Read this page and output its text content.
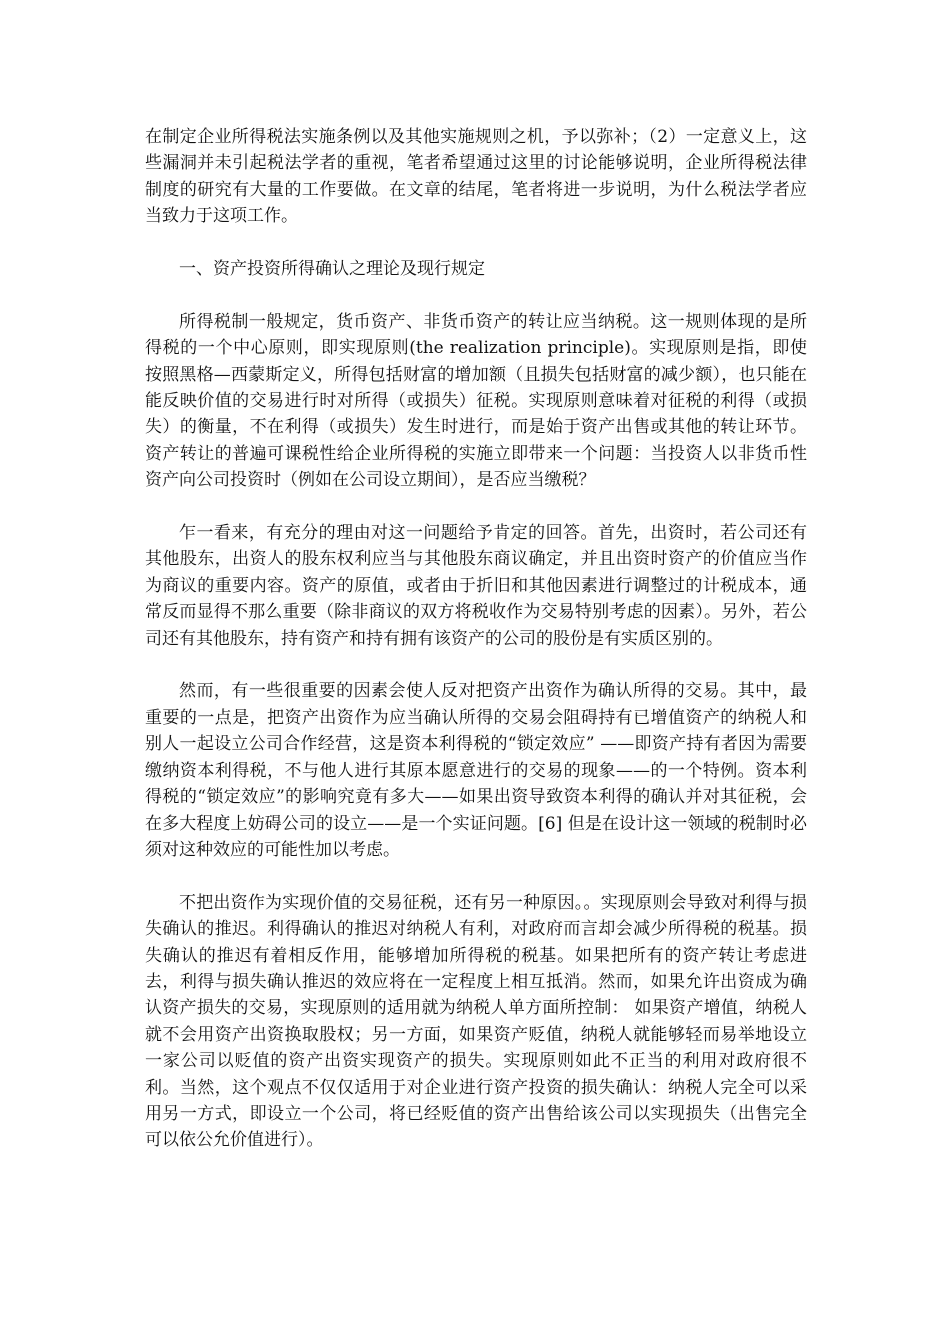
在制定企业所得税法实施条例以及其他实施规则之机，予以弥补；（2）一定意义上，这些漏洞并未引起税法学者的重视，笔者希望通过这里的讨论能够说明，企业所得税法律制度的研究有大量的工作要做。在文章的结尾，笔者将进一步说明，为什么税法学者应当致力于这项工作。

一、资产投资所得确认之理论及现行规定

所得税制一般规定，货币资产、非货币资产的转让应当纳税。这一规则体现的是所得税的一个中心原则，即实现原则(the realization principle)。实现原则是指，即使按照黑格—西蒙斯定义，所得包括财富的增加额（且损失包括财富的减少额），也只能在能反映价值的交易进行时对所得（或损失）征税。实现原则意味着对征税的利得（或损失）的衡量，不在利得（或损失）发生时进行，而是始于资产出售或其他的转让环节。资产转让的普遍可课税性给企业所得税的实施立即带来一个问题：当投资人以非货币性资产向公司投资时（例如在公司设立期间），是否应当缴税？

乍一看来，有充分的理由对这一问题给予肯定的回答。首先，出资时，若公司还有其他股东，出资人的股东权利应当与其他股东商议确定，并且出资时资产的价值应当作为商议的重要内容。资产的原值，或者由于折旧和其他因素进行调整过的计税成本，通常反而显得不那么重要（除非商议的双方将税收作为交易特别考虑的因素）。另外，若公司还有其他股东，持有资产和持有拥有该资产的公司的股份是有实质区别的。

然而，有一些很重要的因素会使人反对把资产出资作为确认所得的交易。其中，最重要的一点是，把资产出资作为应当确认所得的交易会阻碍持有已增值资产的纳税人和别人一起设立公司合作经营，这是资本利得税的“锁定效应” ——即资产持有者因为需要缴纳资本利得税，不与他人进行其原本愿意进行的交易的现象——的一个特例。资本利得税的“锁定效应”的影响究竟有多大——如果出资导致资本利得的确认并对其征税，会在多大程度上妨碍公司的设立——是一个实证问题。[6] 但是在设计这一领域的税制时必须对这种效应的可能性加以考虑。

不把出资作为实现价值的交易征税，还有另一种原因。。实现原则会导致对利得与损失确认的推迟。利得确认的推迟对纳税人有利，对政府而言却会减少所得税的税基。损失确认的推迟有着相反作用，能够增加所得税的税基。如果把所有的资产转让考虑进去，利得与损失确认推迟的效应将在一定程度上相互抵消。然而，如果允许出资成为确认资产损失的交易，实现原则的适用就为纳税人单方面所控制： 如果资产增值，纳税人就不会用资产出资换取股权；另一方面，如果资产贬值，纳税人就能够轻而易举地设立一家公司以贬值的资产出资实现资产的损失。实现原则如此不正当的利用对政府很不利。当然，这个观点不仅仅适用于对企业进行资产投资的损失确认：纳税人完全可以采用另一方式，即设立一个公司，将已经贬值的资产出售给该公司以实现损失（出售完全可以依公允价值进行）。
